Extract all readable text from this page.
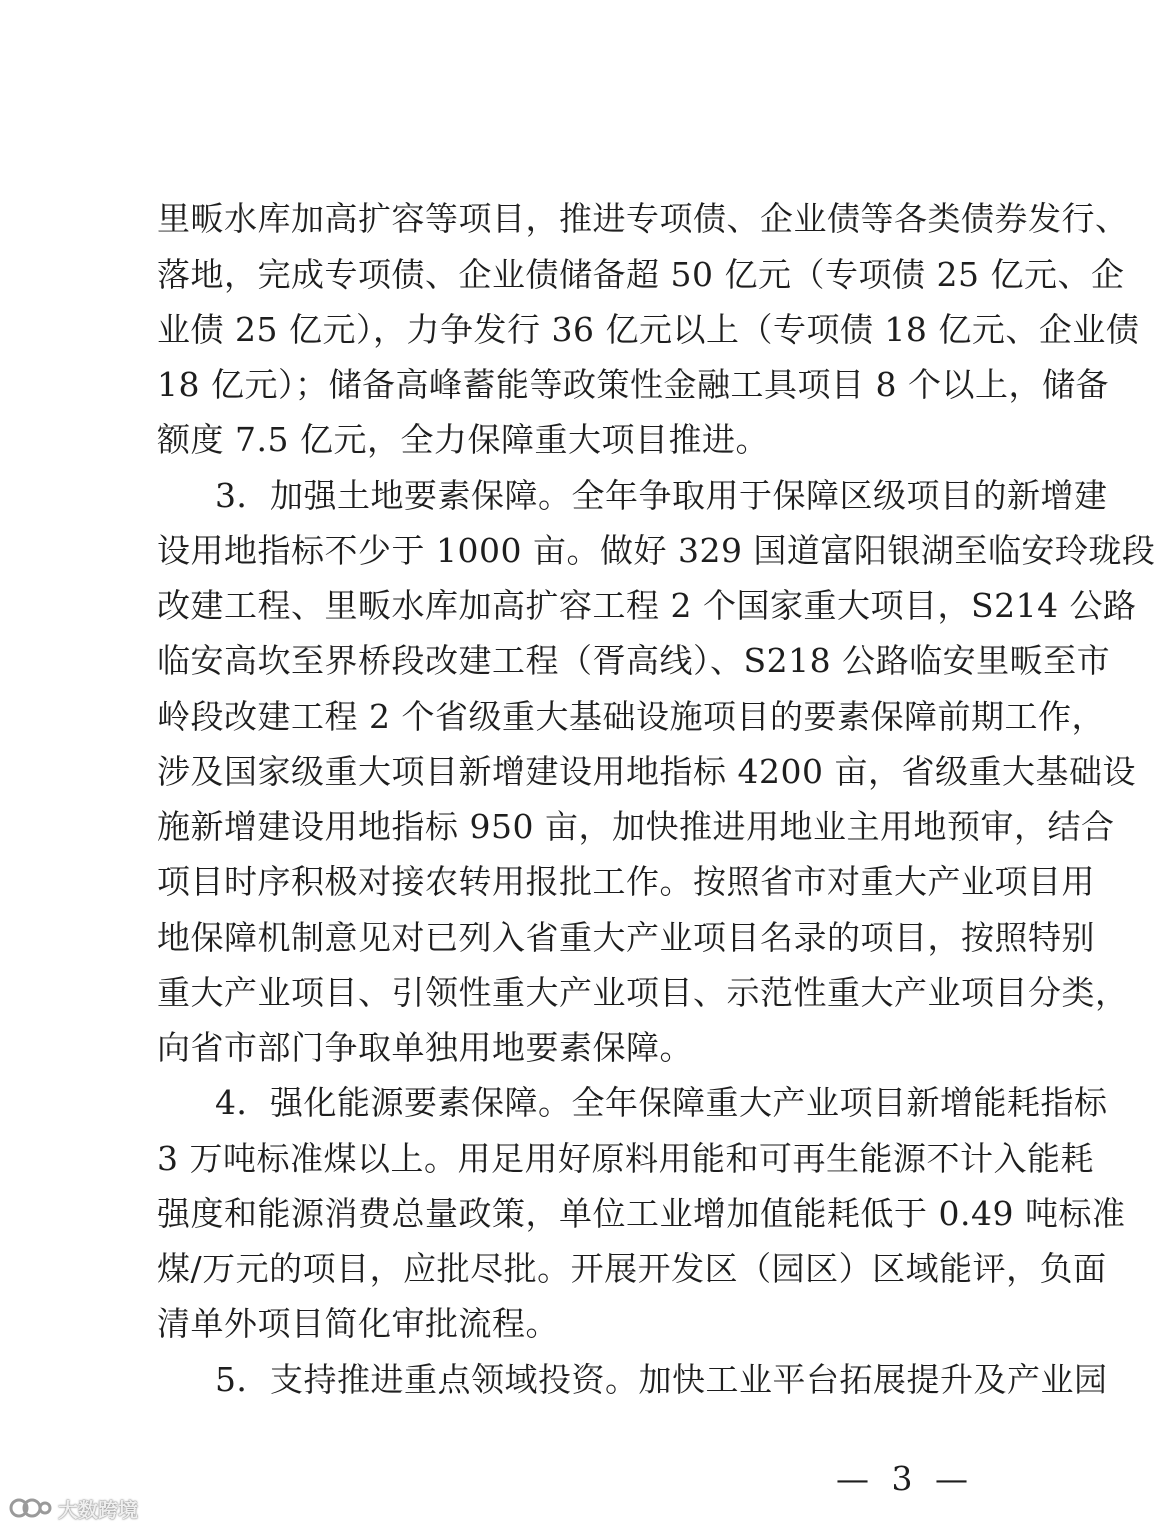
里畈水库加高扩容等项目，推进专项债、企业债等各类债券发行、
落地，完成专项债、企业债储备超 50 亿元（专项债 25 亿元、企
业债 25 亿元），力争发行 36 亿元以上（专项债 18 亿元、企业债
18 亿元）；储备高峰蓄能等政策性金融工具项目 8 个以上，储备
额度 7.5 亿元，全力保障重大项目推进。
3．加强土地要素保障。全年争取用于保障区级项目的新增建
设用地指标不少于 1000 亩。做好 329 国道富阳银湖至临安玲珑段
改建工程、里畈水库加高扩容工程 2 个国家重大项目，S214 公路
临安高坎至界桥段改建工程（胥高线）、S218 公路临安里畈至市
岭段改建工程 2 个省级重大基础设施项目的要素保障前期工作，
涉及国家级重大项目新增建设用地指标 4200 亩，省级重大基础设
施新增建设用地指标 950 亩，加快推进用地业主用地预审，结合
项目时序积极对接农转用报批工作。按照省市对重大产业项目用
地保障机制意见对已列入省重大产业项目名录的项目，按照特别
重大产业项目、引领性重大产业项目、示范性重大产业项目分类，
向省市部门争取单独用地要素保障。
4．强化能源要素保障。全年保障重大产业项目新增能耗指标
3 万吨标准煤以上。用足用好原料用能和可再生能源不计入能耗
强度和能源消费总量政策，单位工业增加值能耗低于 0.49 吨标准
煤/万元的项目，应批尽批。开展开发区（园区）区域能评，负面
清单外项目简化审批流程。
5．支持推进重点领域投资。加快工业平台拓展提升及产业园
— 3 —
大数跨境
